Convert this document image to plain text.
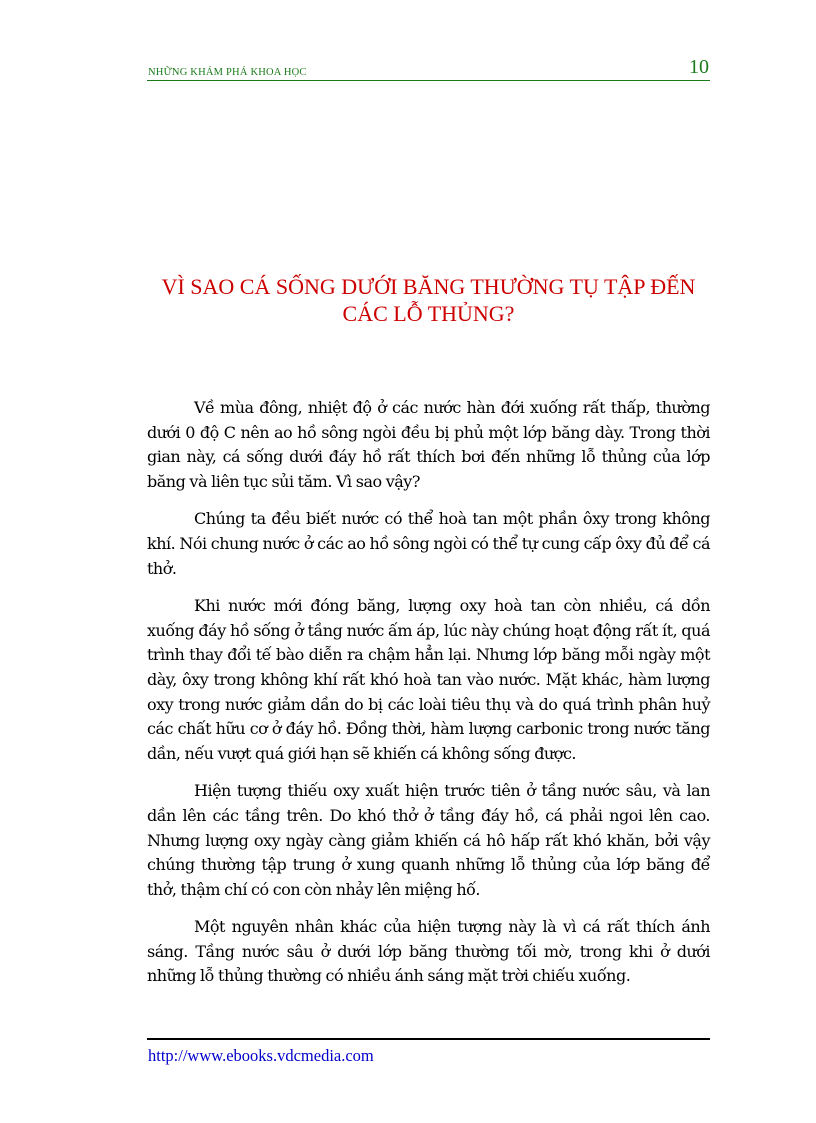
NHỮNG KHÁM PHÁ KHOA HỌC	10
VÌ SAO CÁ SỐNG DƯỚI BĂNG THƯỜNG TỤ TẬP ĐẾN CÁC LỖ THỦNG?

Về mùa đông, nhiệt độ ở các nước hàn đới xuống rất thấp, thường dưới 0 độ C nên ao hồ sông ngòi đều bị phủ một lớp băng dày. Trong thời gian này, cá sống dưới đáy hồ rất thích bơi đến những lỗ thủng của lớp băng và liên tục sủi tăm. Vì sao vậy?

Chúng ta đều biết nước có thể hoà tan một phần ôxy trong không khí. Nói chung nước ở các ao hồ sông ngòi có thể tự cung cấp ôxy đủ để cá thở.

Khi nước mới đóng băng, lượng oxy hoà tan còn nhiều, cá dồn xuống đáy hồ sống ở tầng nước ấm áp, lúc này chúng hoạt động rất ít, quá trình thay đổi tế bào diễn ra chậm hẳn lại. Nhưng lớp băng mỗi ngày một dày, ôxy trong không khí rất khó hoà tan vào nước. Mặt khác, hàm lượng oxy trong nước giảm dần do bị các loài tiêu thụ và do quá trình phân huỷ các chất hữu cơ ở đáy hồ. Đồng thời, hàm lượng carbonic trong nước tăng dần, nếu vượt quá giới hạn sẽ khiến cá không sống được.

Hiện tượng thiếu oxy xuất hiện trước tiên ở tầng nước sâu, và lan dần lên các tầng trên. Do khó thở ở tầng đáy hồ, cá phải ngoi lên cao. Nhưng lượng oxy ngày càng giảm khiến cá hô hấp rất khó khăn, bởi vậy chúng thường tập trung ở xung quanh những lỗ thủng của lớp băng để thở, thậm chí có con còn nhảy lên miệng hố.

Một nguyên nhân khác của hiện tượng này là vì cá rất thích ánh sáng. Tầng nước sâu ở dưới lớp băng thường tối mờ, trong khi ở dưới những lỗ thủng thường có nhiều ánh sáng mặt trời chiếu xuống.

http://www.ebooks.vdcmedia.com
